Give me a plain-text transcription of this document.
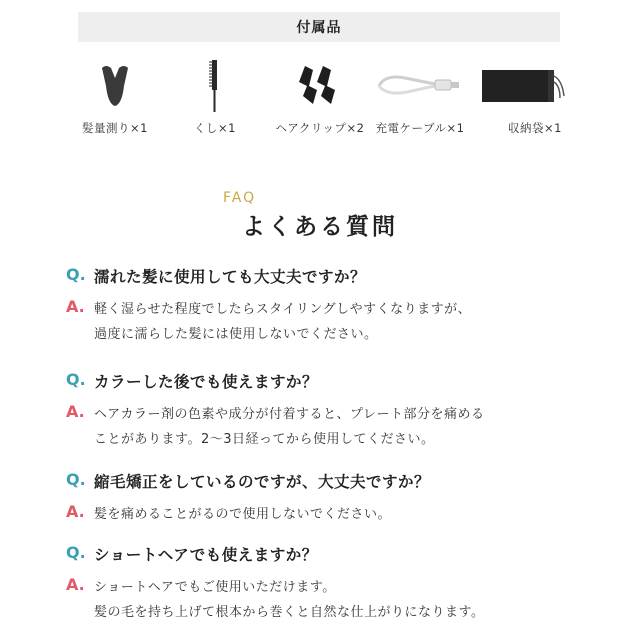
付属品
髪量測り×1	くし×1	ヘアクリップ×2 充電ケーブル×1	収納袋×1
FAQ
よくある質問
Q. 濡れた髪に使用しても大丈夫ですか？
A. 軽く湿らせた程度でしたらスタイリングしやすくなりますが、
過度に濡らした髪には使用しないでください。
Q. カラーした後でも使えますか？
A. ヘアカラー剤の色素や成分が付着すると、プレート部分を痛める
ことがあります。2〜3日経ってから使用してください。
Q. 縮毛矯正をしているのですが、大丈夫ですか？
A. 髪を痛めることがるので使用しないでください。
Q. ショートヘアでも使えますか？
A. ショートヘアでもご使用いただけます。
髪の毛を持ち上げて根本から巻くと自然な仕上がりになります。
